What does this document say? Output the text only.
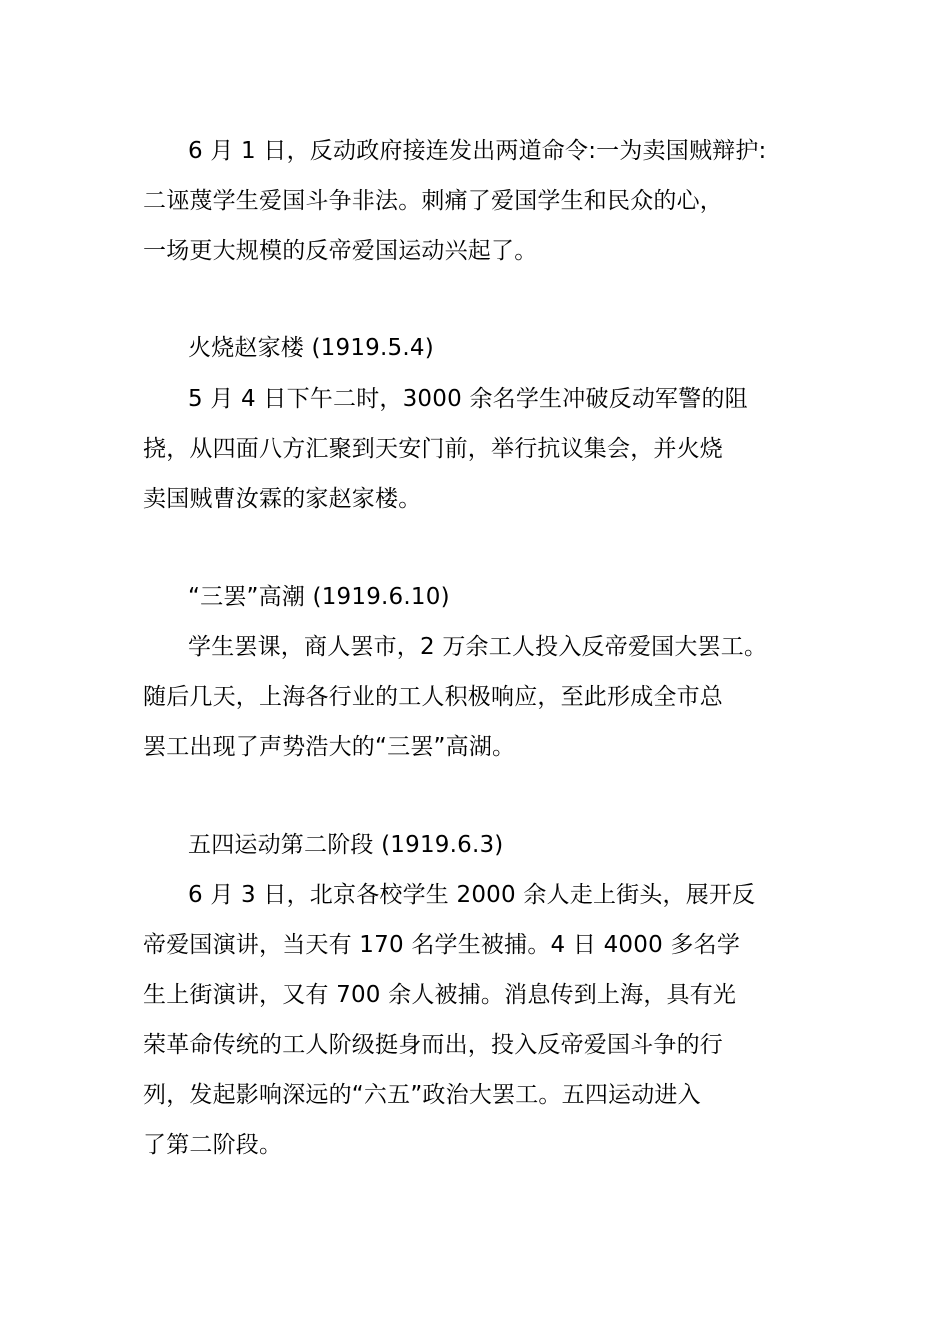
6 月 1 日，反动政府接连发出两道命令:一为卖国贼辩护:
二诬蔑学生爱国斗争非法。刺痛了爱国学生和民众的心，
一场更大规模的反帝爱国运动兴起了。
火烧赵家楼 (1919.5.4)
5 月 4 日下午二时，3000 余名学生冲破反动军警的阻
挠，从四面八方汇聚到天安门前，举行抗议集会，并火烧
卖国贼曹汝霖的家赵家楼。
“三罢”高潮 (1919.6.10)
学生罢课，商人罢市，2 万余工人投入反帝爱国大罢工。
随后几天，上海各行业的工人积极响应，至此形成全市总
罢工出现了声势浩大的“三罢”高湖。
五四运动第二阶段 (1919.6.3)
6 月 3 日，北京各校学生 2000 余人走上街头，展开反
帝爱国演讲，当天有 170 名学生被捕。4 日 4000 多名学
生上街演讲，又有 700 余人被捕。消息传到上海，具有光
荣革命传统的工人阶级挺身而出，投入反帝爱国斗争的行
列，发起影响深远的“六五”政治大罢工。五四运动进入
了第二阶段。
